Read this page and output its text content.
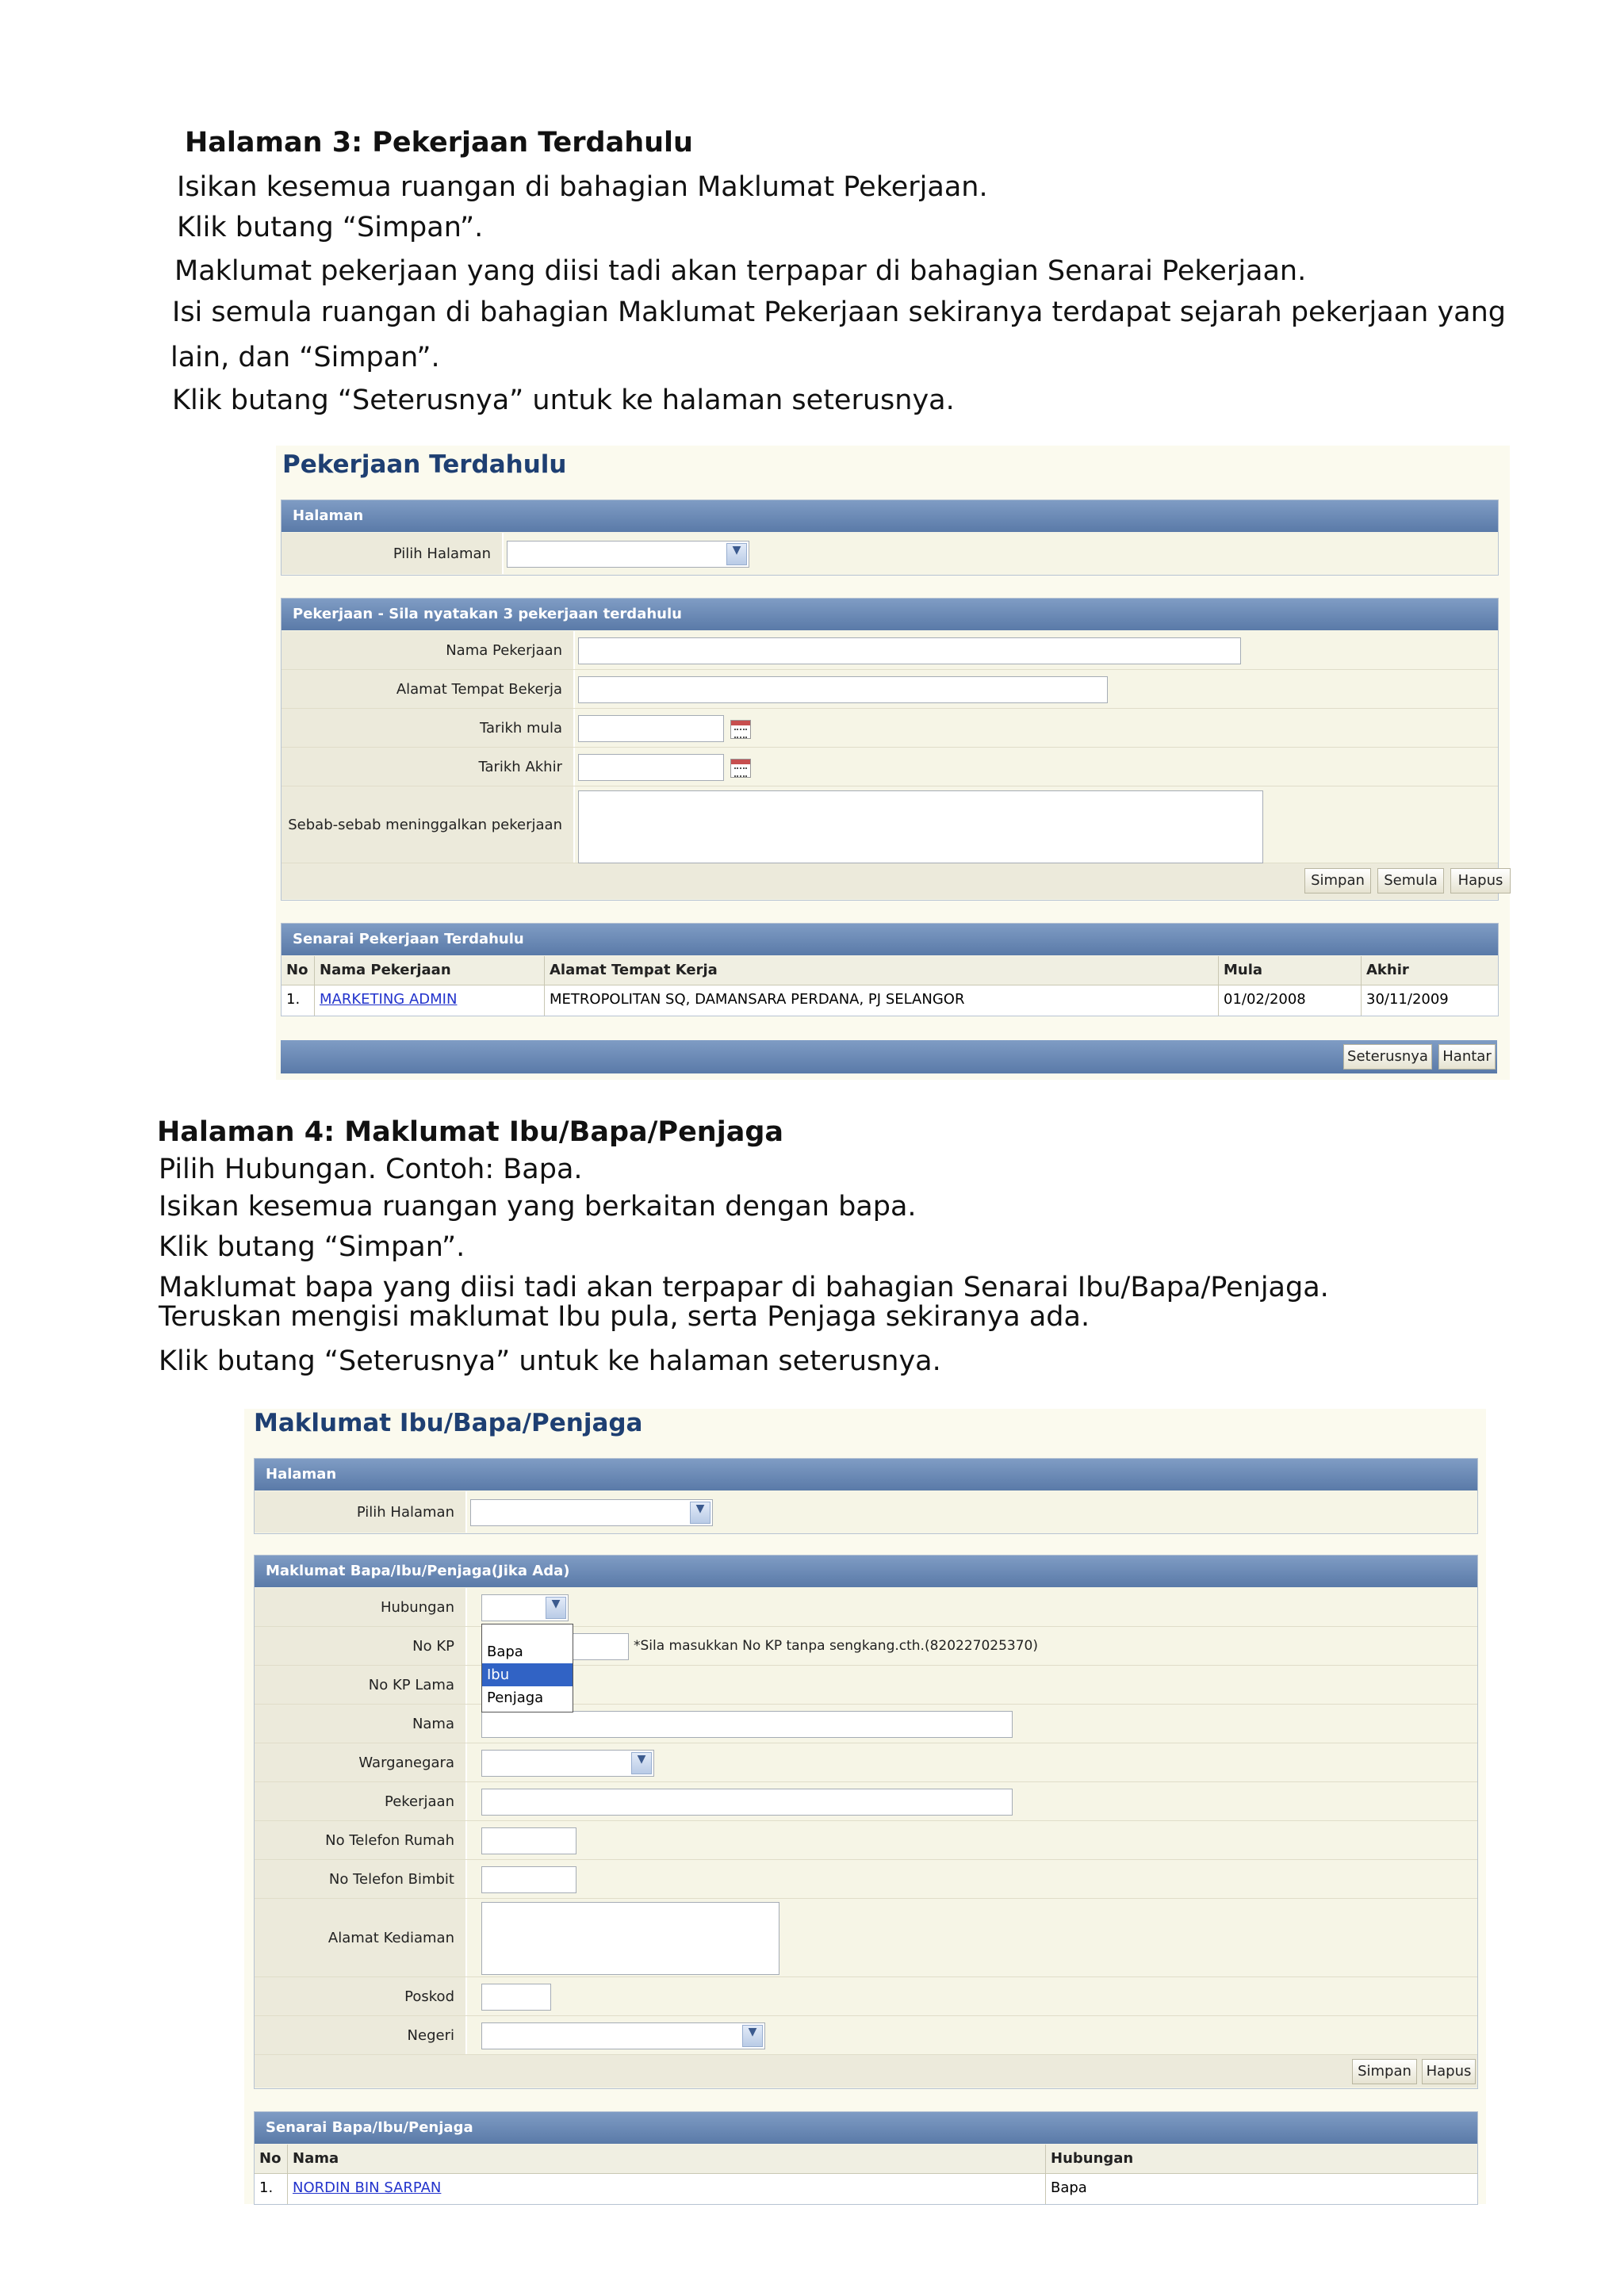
Halaman 3: Pekerjaan Terdahulu
Isikan kesemua ruangan di bahagian Maklumat Pekerjaan.
Klik butang “Simpan”.
Maklumat pekerjaan yang diisi tadi akan terpapar di bahagian Senarai Pekerjaan.
Isi semula ruangan di bahagian Maklumat Pekerjaan sekiranya terdapat sejarah pekerjaan yang
lain, dan “Simpan”.
Klik butang “Seterusnya” untuk ke halaman seterusnya.
Pekerjaan Terdahulu
Halaman
Pilih Halaman	▼
Pekerjaan - Sila nyatakan 3 pekerjaan terdahulu
Nama Pekerjaan
Alamat Tempat Bekerja
Tarikh mula
Tarikh Akhir
Sebab-sebab meninggalkan pekerjaan
Simpan	Semula	Hapus
Senarai Pekerjaan Terdahulu
No Nama Pekerjaan	Alamat Tempat Kerja	Mula	Akhir
1.	MARKETING ADMIN	METROPOLITAN SQ, DAMANSARA PERDANA, PJ SELANGOR	01/02/2008	30/11/2009
Seterusnya Hantar
Halaman 4: Maklumat Ibu/Bapa/Penjaga
Pilih Hubungan. Contoh: Bapa.
Isikan kesemua ruangan yang berkaitan dengan bapa.
Klik butang “Simpan”.
Maklumat bapa yang diisi tadi akan terpapar di bahagian Senarai Ibu/Bapa/Penjaga.
Teruskan mengisi maklumat Ibu pula, serta Penjaga sekiranya ada.
Klik butang “Seterusnya” untuk ke halaman seterusnya.
Maklumat Ibu/Bapa/Penjaga
Halaman
Pilih Halaman	▼
Maklumat Bapa/Ibu/Penjaga(Jika Ada)
Hubungan	▼
No KP	*Sila masukkan No KP tanpa sengkang.cth.(820227025370)
No KP Lama
Nama
Warganegara	▼
Pekerjaan
No Telefon Rumah
No Telefon Bimbit
Alamat Kediaman
Poskod
Negeri	▼
Simpan	Hapus
Bapa
Ibu
Penjaga
Senarai Bapa/Ibu/Penjaga
No Nama	Hubungan
1.	NORDIN BIN SARPAN	Bapa
